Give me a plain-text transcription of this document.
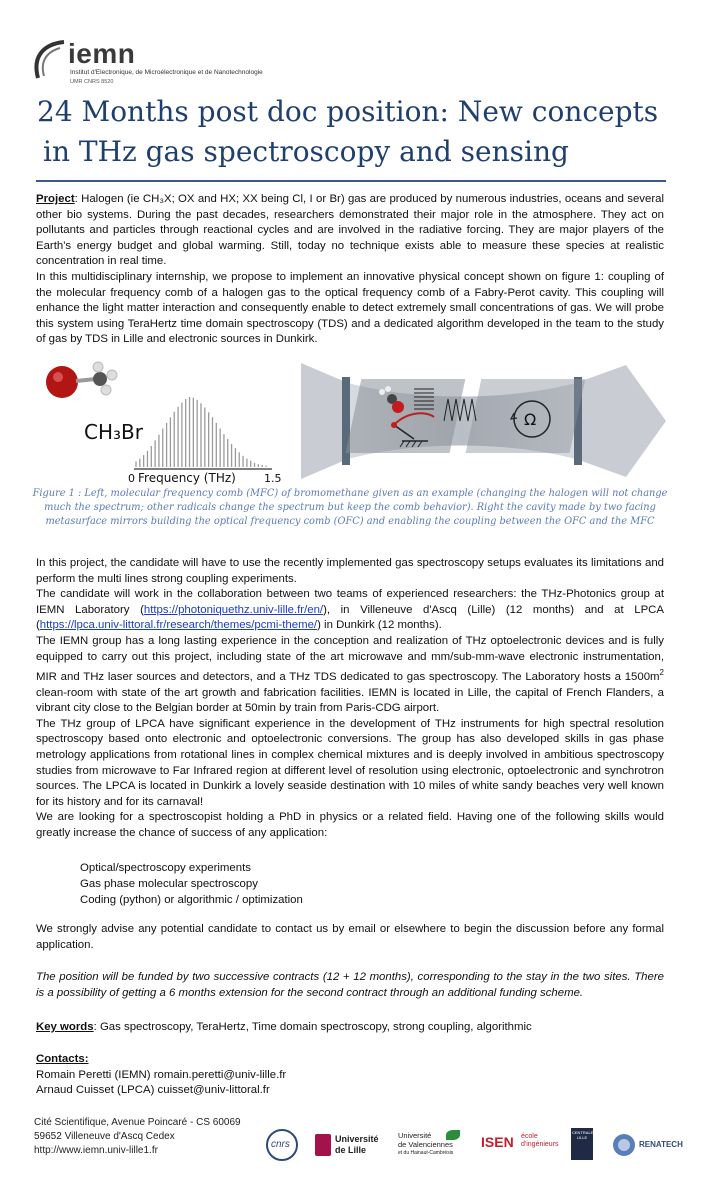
iemn
Institut d'Electronique, de Microélectronique et de Nanotechnologie
UMR CNRS 8520
24 Months post doc position: New concepts
in THz gas spectroscopy and sensing

Project: Halogen (ie CH₃X; OX and HX; XX being Cl, I or Br) gas are produced by numerous industries, oceans and several other bio systems. During the past decades, researchers demonstrated their major role in the atmosphere. They act on pollutants and particles through reactional cycles and are involved in the radiative forcing. They are major players of the Earth's energy budget and global warming. Still, today no technique exists able to measure these species at realistic concentration in real time.
In this multidisciplinary internship, we propose to implement an innovative physical concept shown on figure 1: coupling of the molecular frequency comb of a halogen gas to the optical frequency comb of a Fabry-Perot cavity. This coupling will enhance the light matter interaction and consequently enable to detect extremely small concentrations of gas. We will probe this system using TeraHertz time domain spectroscopy (TDS) and a dedicated algorithm developed in the team to the study of gas by TDS in Lille and electronic sources in Dunkirk.

CH₃Br
Frequency (THz)
0	1.5
Ω

Figure 1 : Left, molecular frequency comb (MFC) of bromomethane given as an example (changing the halogen will not change much the spectrum; other radicals change the spectrum but keep the comb behavior). Right the cavity made by two facing metasurface mirrors building the optical frequency comb (OFC) and enabling the coupling between the OFC and the MFC

In this project, the candidate will have to use the recently implemented gas spectroscopy setups evaluates its limitations and perform the multi lines strong coupling experiments.
The candidate will work in the collaboration between two teams of experienced researchers: the THz-Photonics group at IEMN Laboratory (https://photoniquethz.univ-lille.fr/en/), in Villeneuve d'Ascq (Lille) (12 months) and at LPCA (https://lpca.univ-littoral.fr/research/themes/pcmi-theme/) in Dunkirk (12 months).
The IEMN group has a long lasting experience in the conception and realization of THz optoelectronic devices and is fully equipped to carry out this project, including state of the art microwave and mm/sub-mm-wave electronic instrumentation, MIR and THz laser sources and detectors, and a THz TDS dedicated to gas spectroscopy. The Laboratory hosts a $1500m^2$ clean-room with state of the art growth and fabrication facilities. IEMN is located in Lille, the capital of French Flanders, a vibrant city close to the Belgian border at 50min by train from Paris-CDG airport.
The THz group of LPCA have significant experience in the development of THz instruments for high spectral resolution spectroscopy based onto electronic and optoelectronic conversions. The group has also developed skills in gas phase metrology applications from rotational lines in complex chemical mixtures and is deeply involved in ambitious spectroscopy studies from microwave to Far Infrared region at different level of resolution using electronic, optoelectronic and synchrotron sources. The LPCA is located in Dunkirk a lovely seaside destination with 10 miles of white sandy beaches very well known for its history and for its carnaval!
We are looking for a spectroscopist holding a PhD in physics or a related field. Having one of the following skills would greatly increase the chance of success of any application:

Optical/spectroscopy experiments
Gas phase molecular spectroscopy
Coding (python) or algorithmic / optimization

We strongly advise any potential candidate to contact us by email or elsewhere to begin the discussion before any formal application.

The position will be funded by two successive contracts (12 + 12 months), corresponding to the stay in the two sites. There is a possibility of getting a 6 months extension for the second contract through an additional funding scheme.

Key words: Gas spectroscopy, TeraHertz, Time domain spectroscopy, strong coupling, algorithmic

Contacts:
Romain Peretti (IEMN) romain.peretti@univ-lille.fr
Arnaud Cuisset (LPCA) cuisset@univ-littoral.fr

Cité Scientifique, Avenue Poincaré - CS 60069
59652 Villeneuve d'Ascq Cedex
http://www.iemn.univ-lille1.fr
cnrs	Université
de Lille
Université
de Valenciennes
et du Hainaut-Cambrésis
ISEN école
d'ingénieurs
CENTRALE LILLE
RENATECH
